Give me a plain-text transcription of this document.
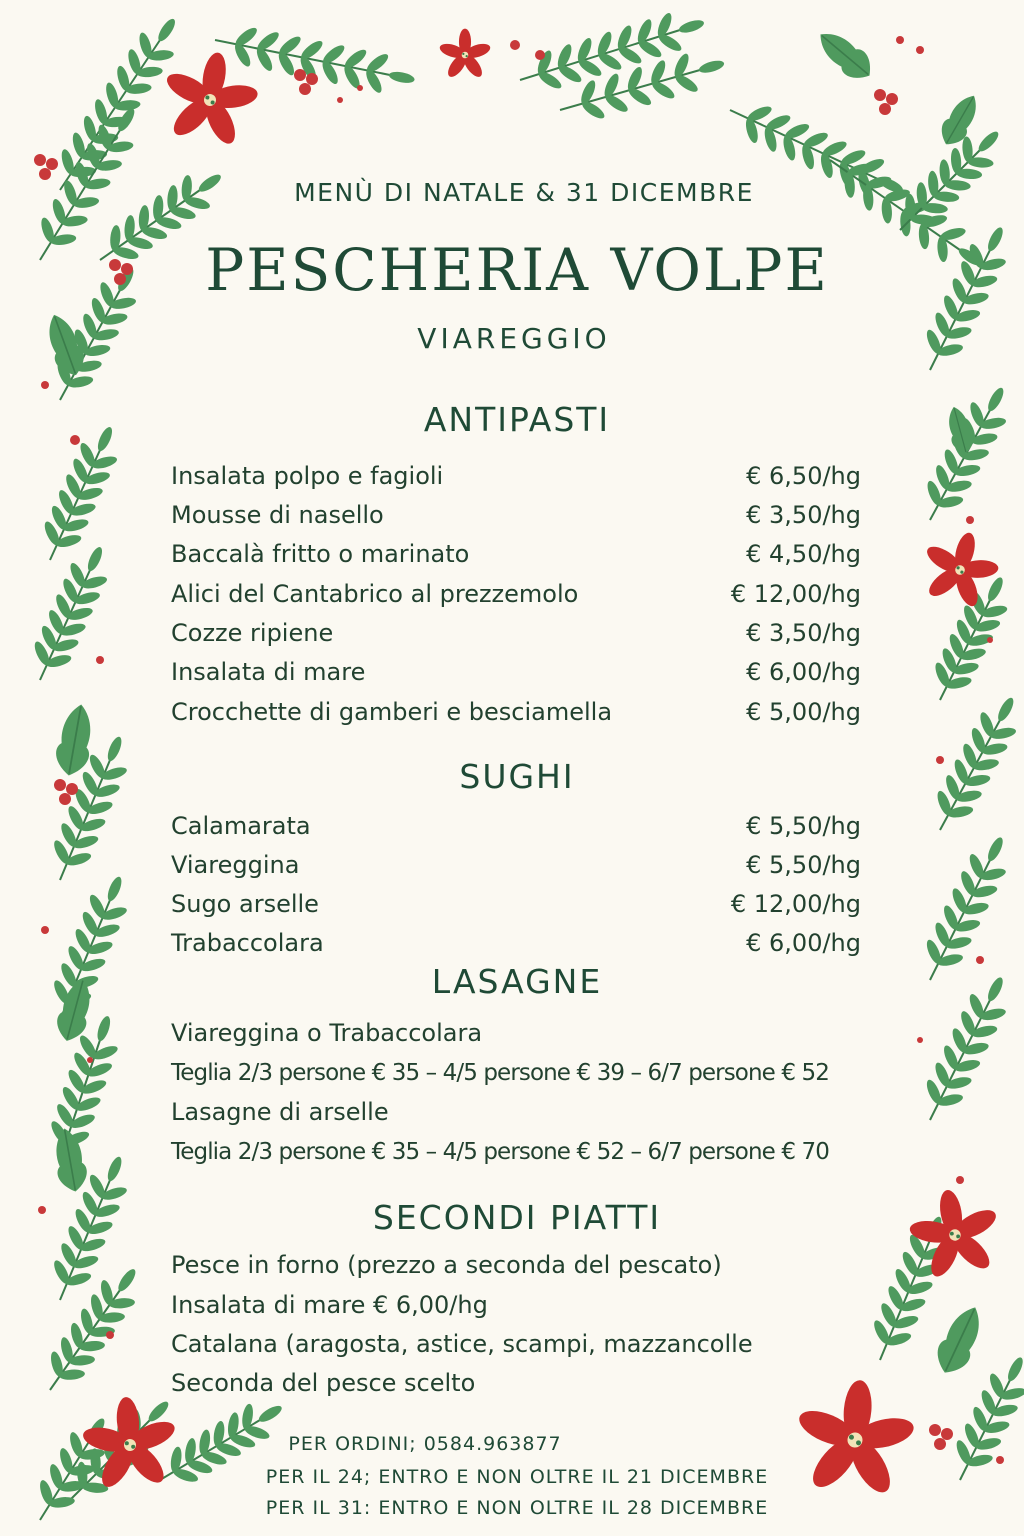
MENÙ DI NATALE & 31 DICEMBRE
PESCHERIA VOLPE
VIAREGGIO
ANTIPASTI
Insalata polpo e fagioli	€ 6,50/hg
Mousse di nasello	€ 3,50/hg
Baccalà fritto o marinato	€ 4,50/hg
Alici del Cantabrico al prezzemolo	€ 12,00/hg
Cozze ripiene	€ 3,50/hg
Insalata di mare	€ 6,00/hg
Crocchette di gamberi e besciamella	€ 5,00/hg
SUGHI
Calamarata	€ 5,50/hg
Viareggina	€ 5,50/hg
Sugo arselle	€ 12,00/hg
Trabaccolara	€ 6,00/hg
LASAGNE
Viareggina o Trabaccolara
Teglia 2/3 persone € 35 – 4/5 persone € 39 – 6/7 persone € 52
Lasagne di arselle
Teglia 2/3 persone € 35 – 4/5 persone € 52 – 6/7 persone € 70
SECONDI PIATTI
Pesce in forno (prezzo a seconda del pescato)
Insalata di mare € 6,00/hg
Catalana (aragosta, astice, scampi, mazzancolle
Seconda del pesce scelto
PER ORDINI; 0584.963877
PER IL 24; ENTRO E NON OLTRE IL 21 DICEMBRE
PER IL 31: ENTRO E NON OLTRE IL 28 DICEMBRE
